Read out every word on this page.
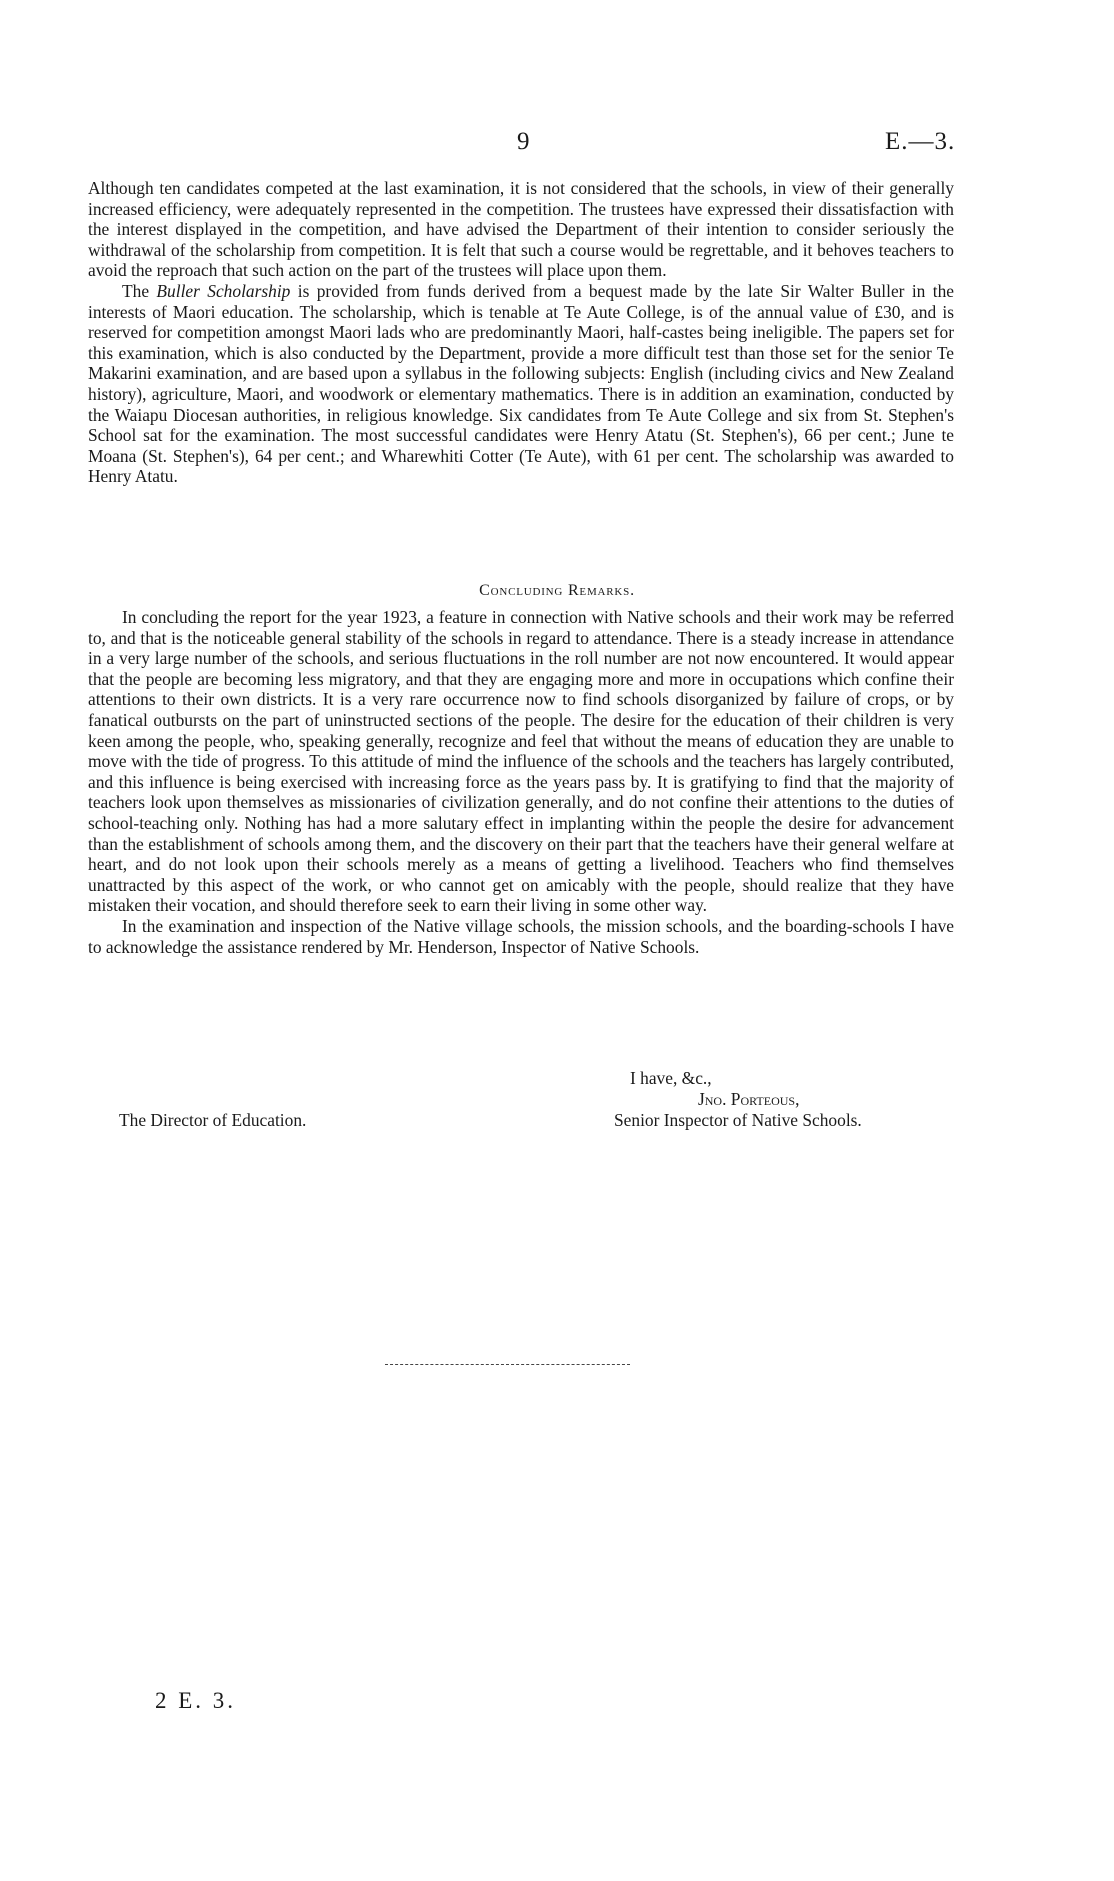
9	E.—3.

Although ten candidates competed at the last examination, it is not considered that the schools, in view of their generally increased efficiency, were adequately represented in the competition. The trustees have expressed their dissatisfaction with the interest displayed in the competition, and have advised the Department of their intention to consider seriously the withdrawal of the scholarship from competition. It is felt that such a course would be regrettable, and it behoves teachers to avoid the reproach that such action on the part of the trustees will place upon them.

The Buller Scholarship is provided from funds derived from a bequest made by the late Sir Walter Buller in the interests of Maori education. The scholarship, which is tenable at Te Aute College, is of the annual value of £30, and is reserved for competition amongst Maori lads who are predominantly Maori, half-castes being ineligible. The papers set for this examination, which is also conducted by the Department, provide a more difficult test than those set for the senior Te Makarini examination, and are based upon a syllabus in the following subjects: English (including civics and New Zealand history), agriculture, Maori, and woodwork or elementary mathematics. There is in addition an examination, conducted by the Waiapu Diocesan authorities, in religious knowledge. Six candidates from Te Aute College and six from St. Stephen's School sat for the examination. The most successful candidates were Henry Atatu (St. Stephen's), 66 per cent.; June te Moana (St. Stephen's), 64 per cent.; and Wharewhiti Cotter (Te Aute), with 61 per cent. The scholarship was awarded to Henry Atatu.

Concluding Remarks.

In concluding the report for the year 1923, a feature in connection with Native schools and their work may be referred to, and that is the noticeable general stability of the schools in regard to attendance. There is a steady increase in attendance in a very large number of the schools, and serious fluctuations in the roll number are not now encountered. It would appear that the people are becoming less migratory, and that they are engaging more and more in occupations which confine their attentions to their own districts. It is a very rare occurrence now to find schools disorganized by failure of crops, or by fanatical outbursts on the part of uninstructed sections of the people. The desire for the education of their children is very keen among the people, who, speaking generally, recognize and feel that without the means of education they are unable to move with the tide of progress. To this attitude of mind the influence of the schools and the teachers has largely contributed, and this influence is being exercised with increasing force as the years pass by. It is gratifying to find that the majority of teachers look upon themselves as missionaries of civilization generally, and do not confine their attentions to the duties of school-teaching only. Nothing has had a more salutary effect in implanting within the people the desire for advancement than the establishment of schools among them, and the discovery on their part that the teachers have their general welfare at heart, and do not look upon their schools merely as a means of getting a livelihood. Teachers who find themselves unattracted by this aspect of the work, or who cannot get on amicably with the people, should realize that they have mistaken their vocation, and should therefore seek to earn their living in some other way.

In the examination and inspection of the Native village schools, the mission schools, and the boarding-schools I have to acknowledge the assistance rendered by Mr. Henderson, Inspector of Native Schools.

I have, &c.,
Jno. Porteous,
Senior Inspector of Native Schools.
The Director of Education.
2 E. 3.
